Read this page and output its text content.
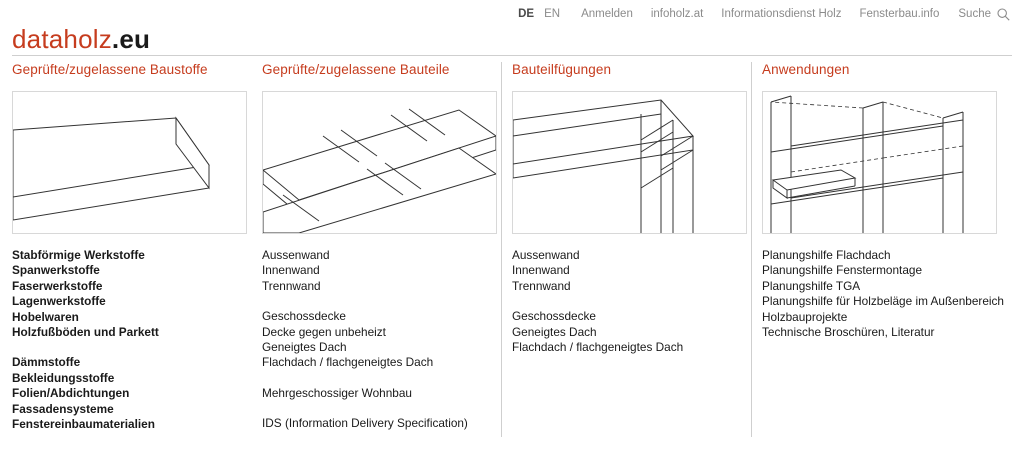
DE EN	Anmelden	infoholz.at	Informationsdienst Holz	Fensterbau.info	Suche
dataholz.eu
Geprüfte/zugelassene Baustoffe
Stabförmige Werkstoffe
Spanwerkstoffe
Faserwerkstoffe
Lagenwerkstoffe
Hobelwaren
Holzfußböden und Parkett
Dämmstoffe
Bekleidungsstoffe
Folien/Abdichtungen
Fassadensysteme
Fenstereinbaumaterialien
Geprüfte/zugelassene Bauteile
Aussenwand
Innenwand
Trennwand
Geschossdecke
Decke gegen unbeheizt
Geneigtes Dach
Flachdach / flachgeneigtes Dach
Mehrgeschossiger Wohnbau
IDS (Information Delivery Specification)
Bauteilfügungen
Aussenwand
Innenwand
Trennwand
Geschossdecke
Geneigtes Dach
Flachdach / flachgeneigtes Dach
Anwendungen
Planungshilfe Flachdach
Planungshilfe Fenstermontage
Planungshilfe TGA
Planungshilfe für Holzbeläge im Außenbereich
Holzbauprojekte
Technische Broschüren, Literatur
